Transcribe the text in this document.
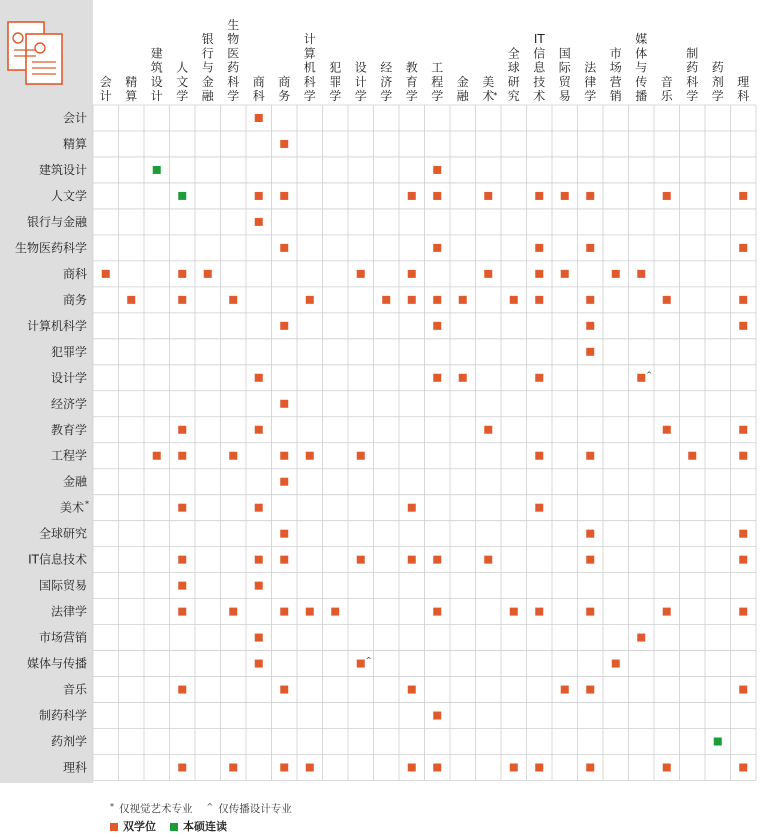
会
计
精
算
建
筑
设
计
人
文
学
银
行
与
金
融
生
物
医
药
科
学
商
科
商
务
计
算
机
科
学
犯
罪
学
设
计
学
经
济
学
教
育
学
工
程
学
金
融
美
术
*
全
球
研
究
IT
信
息
技
术
国
际
贸
易
法
律
学
市
场
营
销
媒
体
与
传
播
音
乐
制
药
科
学
药
剂
学
理
科
会计
精算
建筑设计
人文学
银行与金融
生物医药科学
商科
商务
计算机科学
犯罪学
设计学
经济学
教育学
工程学
金融
美术 *
全球研究
IT信息技术
国际贸易
法律学
市场营销
媒体与传播
音乐
制药科学
药剂学
理科
^
^
* 仅视觉艺术专业 ^ 仅传播设计专业
双学位 本硕连读
